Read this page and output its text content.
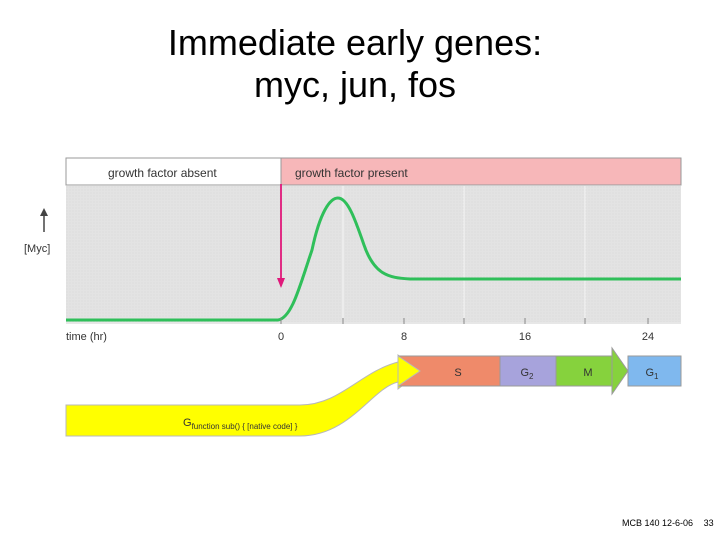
Immediate early genes:
myc, jun, fos
growth factor absent	growth factor present
[Myc]
time (hr)	0	8	16	24
$G_{function sub() \{ [native code] \}}$
S	$G_2$	M	$G_1$
MCB 140 12-6-06 33
